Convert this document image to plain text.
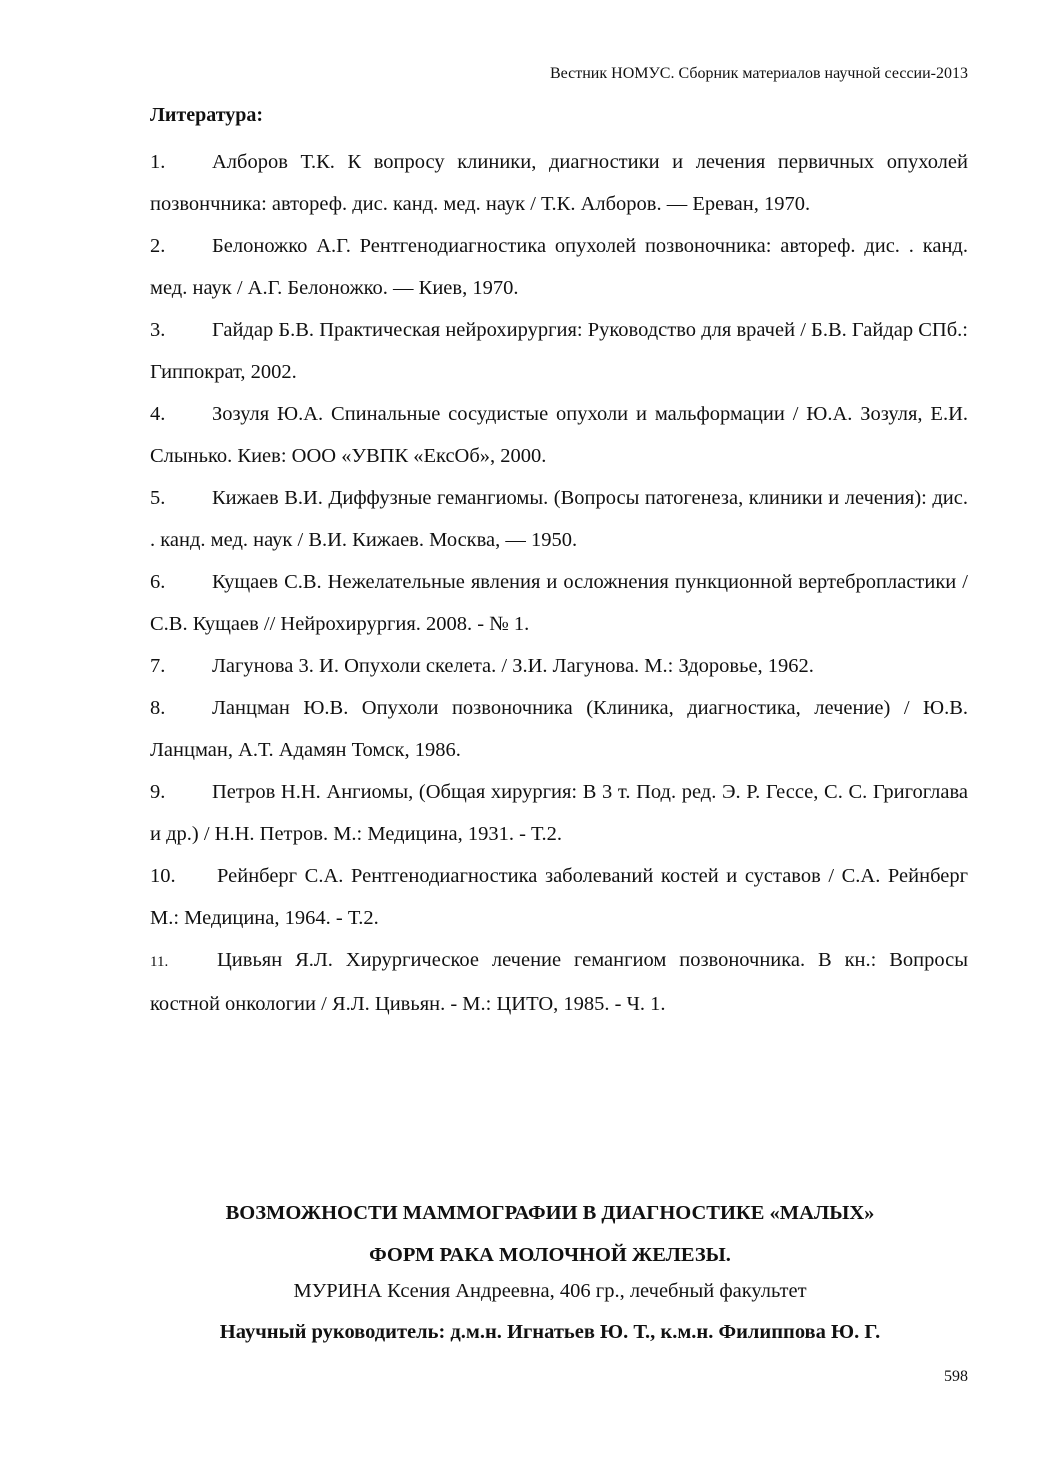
Вестник НОМУС. Сборник материалов научной сессии-2013
Литература:

1. Алборов Т.К. К вопросу клиники, диагностики и лечения первичных опухолей позвончника: автореф. дис. канд. мед. наук / Т.К. Алборов. — Ереван, 1970.

2. Белоножко А.Г. Рентгенодиагностика опухолей позвоночника: автореф. дис. . канд. мед. наук / А.Г. Белоножко. — Киев, 1970.

3. Гайдар Б.В. Практическая нейрохирургия: Руководство для врачей / Б.В. Гайдар СПб.: Гиппократ, 2002.

4. Зозуля Ю.А. Спинальные сосудистые опухоли и мальформации / Ю.А. Зозуля, Е.И. Слынько. Киев: ООО «УВПК «ЕксОб», 2000.

5. Кижаев В.И. Диффузные гемангиомы. (Вопросы патогенеза, клиники и лечения): дис. . канд. мед. наук / В.И. Кижаев. Москва, — 1950.

6. Кущаев С.В. Нежелательные явления и осложнения пункционной вертебропластики / С.В. Кущаев // Нейрохирургия. 2008. - № 1.

7. Лагунова 3. И. Опухоли скелета. / З.И. Лагунова. М.: Здоровье, 1962.

8. Ланцман Ю.В. Опухоли позвоночника (Клиника, диагностика, лечение) / Ю.В. Ланцман, А.Т. Адамян Томск, 1986.

9. Петров Н.Н. Ангиомы, (Общая хирургия: В 3 т. Под. ред. Э. Р. Гессе, С. С. Григоглава и др.) / Н.Н. Петров. М.: Медицина, 1931. - Т.2.

10. Рейнберг С.А. Рентгенодиагностика заболеваний костей и суставов / С.А. Рейнберг М.: Медицина, 1964. - Т.2.

11. Цивьян Я.Л. Хирургическое лечение гемангиом позвоночника. В кн.: Вопросы костной онкологии / Я.Л. Цивьян. - М.: ЦИТО, 1985. - Ч. 1.

ВОЗМОЖНОСТИ МАММОГРАФИИ В ДИАГНОСТИКЕ «МАЛЫХ»
ФОРМ РАКА МОЛОЧНОЙ ЖЕЛЕЗЫ.
МУРИНА Ксения Андреевна, 406 гр., лечебный факультет
Научный руководитель: д.м.н. Игнатьев Ю. Т., к.м.н. Филиппова Ю. Г.
598
